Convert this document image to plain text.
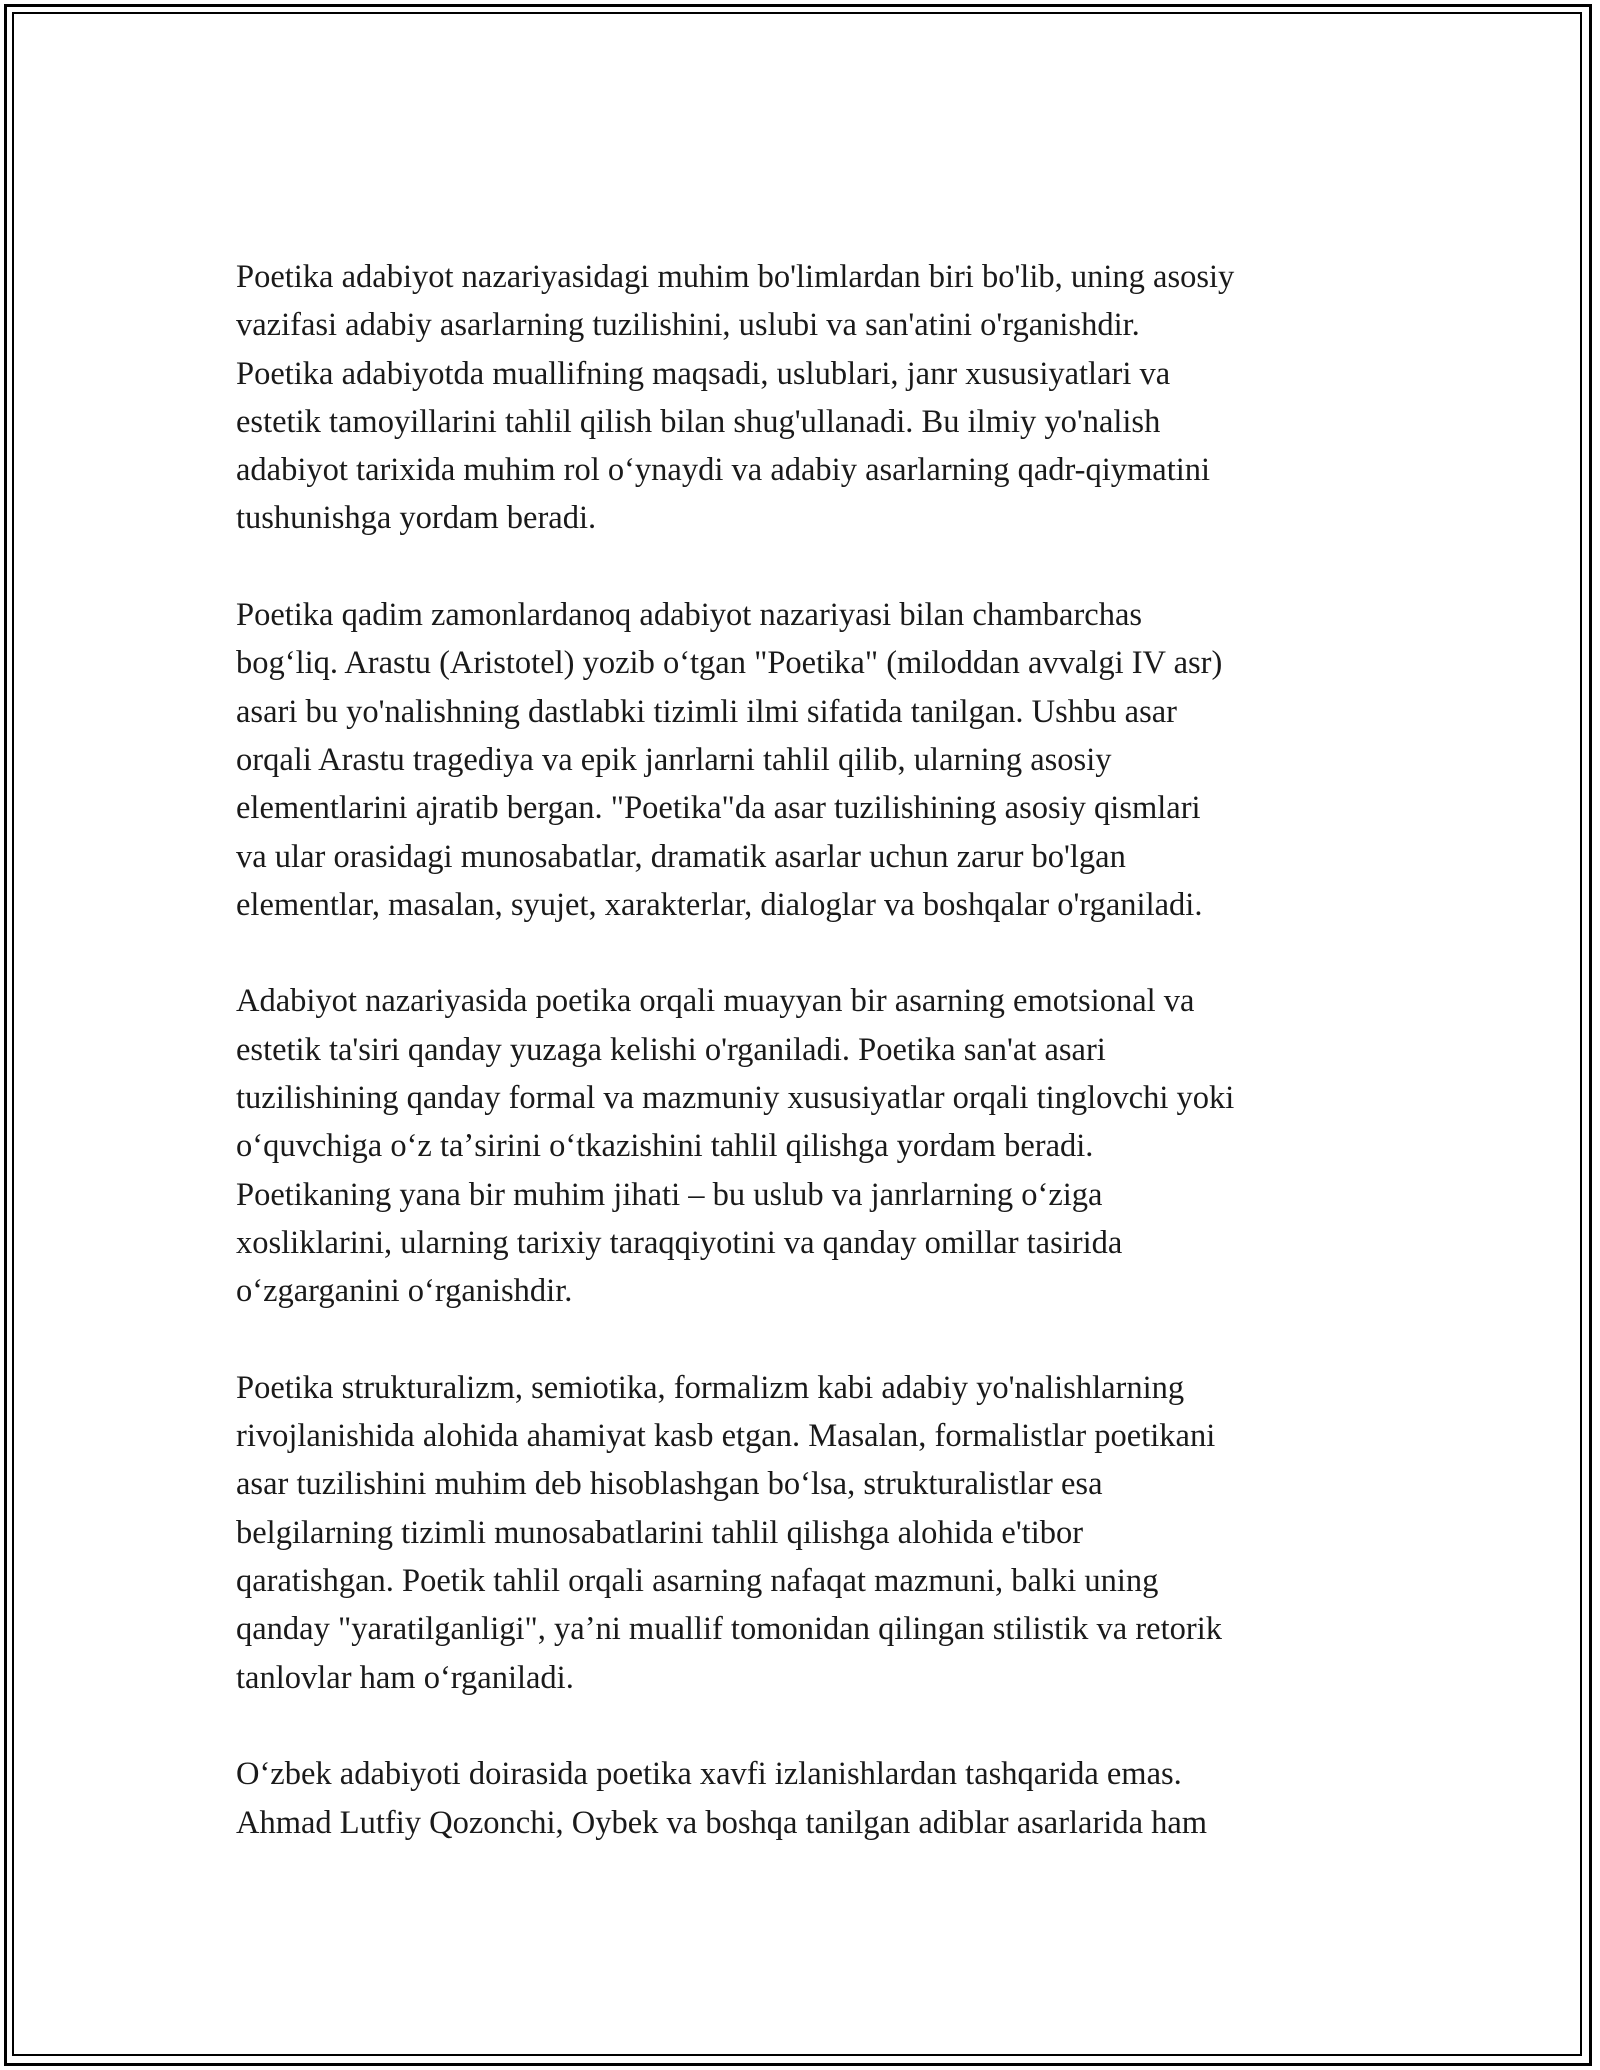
Poetika adabiyot nazariyasidagi muhim bo'limlardan biri bo'lib, uning asosiy
vazifasi adabiy asarlarning tuzilishini, uslubi va san'atini o'rganishdir.
Poetika adabiyotda muallifning maqsadi, uslublari, janr xususiyatlari va
estetik tamoyillarini tahlil qilish bilan shug'ullanadi. Bu ilmiy yo'nalish
adabiyot tarixida muhim rol oʻynaydi va adabiy asarlarning qadr-qiymatini
tushunishga yordam beradi.

Poetika qadim zamonlardanoq adabiyot nazariyasi bilan chambarchas
bogʻliq. Arastu (Aristotel) yozib oʻtgan "Poetika" (miloddan avvalgi IV asr)
asari bu yo'nalishning dastlabki tizimli ilmi sifatida tanilgan. Ushbu asar
orqali Arastu tragediya va epik janrlarni tahlil qilib, ularning asosiy
elementlarini ajratib bergan. "Poetika"da asar tuzilishining asosiy qismlari
va ular orasidagi munosabatlar, dramatik asarlar uchun zarur bo'lgan
elementlar, masalan, syujet, xarakterlar, dialoglar va boshqalar o'rganiladi.

Adabiyot nazariyasida poetika orqali muayyan bir asarning emotsional va
estetik ta'siri qanday yuzaga kelishi o'rganiladi. Poetika san'at asari
tuzilishining qanday formal va mazmuniy xususiyatlar orqali tinglovchi yoki
oʻquvchiga oʻz taʼsirini oʻtkazishini tahlil qilishga yordam beradi.
Poetikaning yana bir muhim jihati – bu uslub va janrlarning oʻziga
xosliklarini, ularning tarixiy taraqqiyotini va qanday omillar tasirida
oʻzgarganini oʻrganishdir.

Poetika strukturalizm, semiotika, formalizm kabi adabiy yo'nalishlarning
rivojlanishida alohida ahamiyat kasb etgan. Masalan, formalistlar poetikani
asar tuzilishini muhim deb hisoblashgan boʻlsa, strukturalistlar esa
belgilarning tizimli munosabatlarini tahlil qilishga alohida e'tibor
qaratishgan. Poetik tahlil orqali asarning nafaqat mazmuni, balki uning
qanday "yaratilganligi", yaʼni muallif tomonidan qilingan stilistik va retorik
tanlovlar ham oʻrganiladi.

Oʻzbek adabiyoti doirasida poetika xavfi izlanishlardan tashqarida emas.
Ahmad Lutfiy Qozonchi, Oybek va boshqa tanilgan adiblar asarlarida ham
